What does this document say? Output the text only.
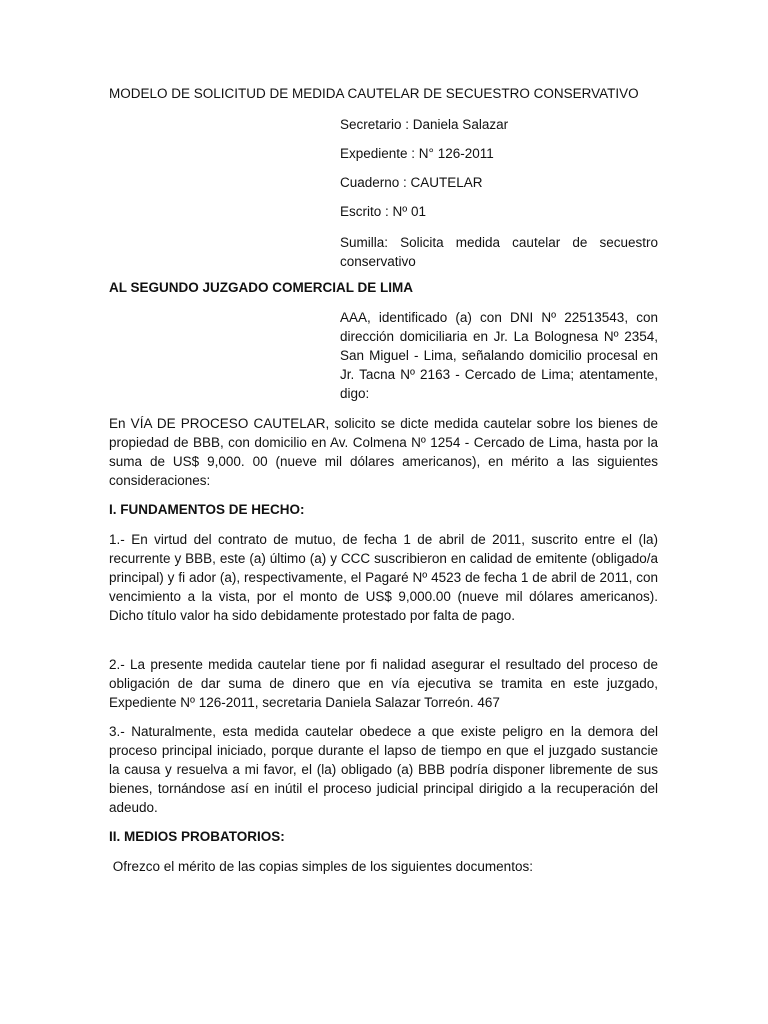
MODELO DE SOLICITUD DE MEDIDA CAUTELAR DE SECUESTRO CONSERVATIVO

Secretario : Daniela Salazar

Expediente : N° 126-2011

Cuaderno : CAUTELAR

Escrito : Nº 01

Sumilla: Solicita medida cautelar de secuestro conservativo

AL SEGUNDO JUZGADO COMERCIAL DE LIMA

AAA, identificado (a) con DNI Nº 22513543, con dirección domiciliaria en Jr. La Bolognesa Nº 2354, San Miguel - Lima, señalando domicilio procesal en Jr. Tacna Nº 2163 - Cercado de Lima; atentamente, digo:

En VÍA DE PROCESO CAUTELAR, solicito se dicte medida cautelar sobre los bienes de propiedad de BBB, con domicilio en Av. Colmena Nº 1254 - Cercado de Lima, hasta por la suma de US$ 9,000. 00 (nueve mil dólares americanos), en mérito a las siguientes consideraciones:

I. FUNDAMENTOS DE HECHO:

1.- En virtud del contrato de mutuo, de fecha 1 de abril de 2011, suscrito entre el (la) recurrente y BBB, este (a) último (a) y CCC suscribieron en calidad de emitente (obligado/a principal) y fi ador (a), respectivamente, el Pagaré Nº 4523 de fecha 1 de abril de 2011, con vencimiento a la vista, por el monto de US$ 9,000.00 (nueve mil dólares americanos). Dicho título valor ha sido debidamente protestado por falta de pago.

2.- La presente medida cautelar tiene por fi nalidad asegurar el resultado del proceso de obligación de dar suma de dinero que en vía ejecutiva se tramita en este juzgado, Expediente Nº 126-2011, secretaria Daniela Salazar Torreón. 467

3.- Naturalmente, esta medida cautelar obedece a que existe peligro en la demora del proceso principal iniciado, porque durante el lapso de tiempo en que el juzgado sustancie la causa y resuelva a mi favor, el (la) obligado (a) BBB podría disponer libremente de sus bienes, tornándose así en inútil el proceso judicial principal dirigido a la recuperación del adeudo.

II. MEDIOS PROBATORIOS:

Ofrezco el mérito de las copias simples de los siguientes documentos:
